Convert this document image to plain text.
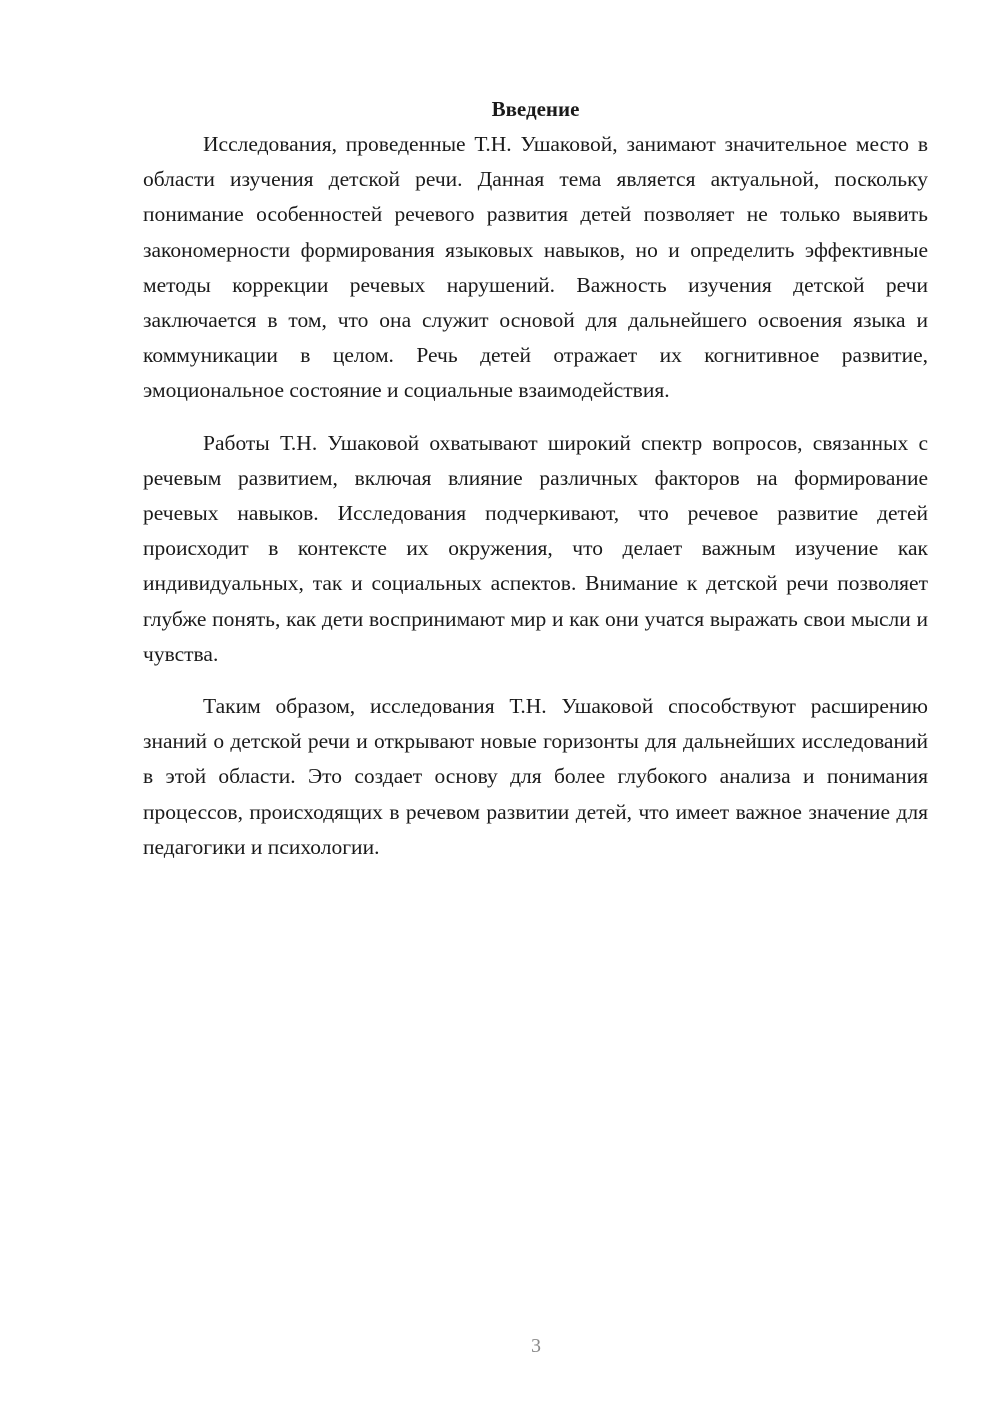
Введение

Исследования, проведенные Т.Н. Ушаковой, занимают значительное место в области изучения детской речи. Данная тема является актуальной, поскольку понимание особенностей речевого развития детей позволяет не только выявить закономерности формирования языковых навыков, но и определить эффективные методы коррекции речевых нарушений. Важность изучения детской речи заключается в том, что она служит основой для дальнейшего освоения языка и коммуникации в целом. Речь детей отражает их когнитивное развитие, эмоциональное состояние и социальные взаимодействия.

Работы Т.Н. Ушаковой охватывают широкий спектр вопросов, связанных с речевым развитием, включая влияние различных факторов на формирование речевых навыков. Исследования подчеркивают, что речевое развитие детей происходит в контексте их окружения, что делает важным изучение как индивидуальных, так и социальных аспектов. Внимание к детской речи позволяет глубже понять, как дети воспринимают мир и как они учатся выражать свои мысли и чувства.

Таким образом, исследования Т.Н. Ушаковой способствуют расширению знаний о детской речи и открывают новые горизонты для дальнейших исследований в этой области. Это создает основу для более глубокого анализа и понимания процессов, происходящих в речевом развитии детей, что имеет важное значение для педагогики и психологии.

3
